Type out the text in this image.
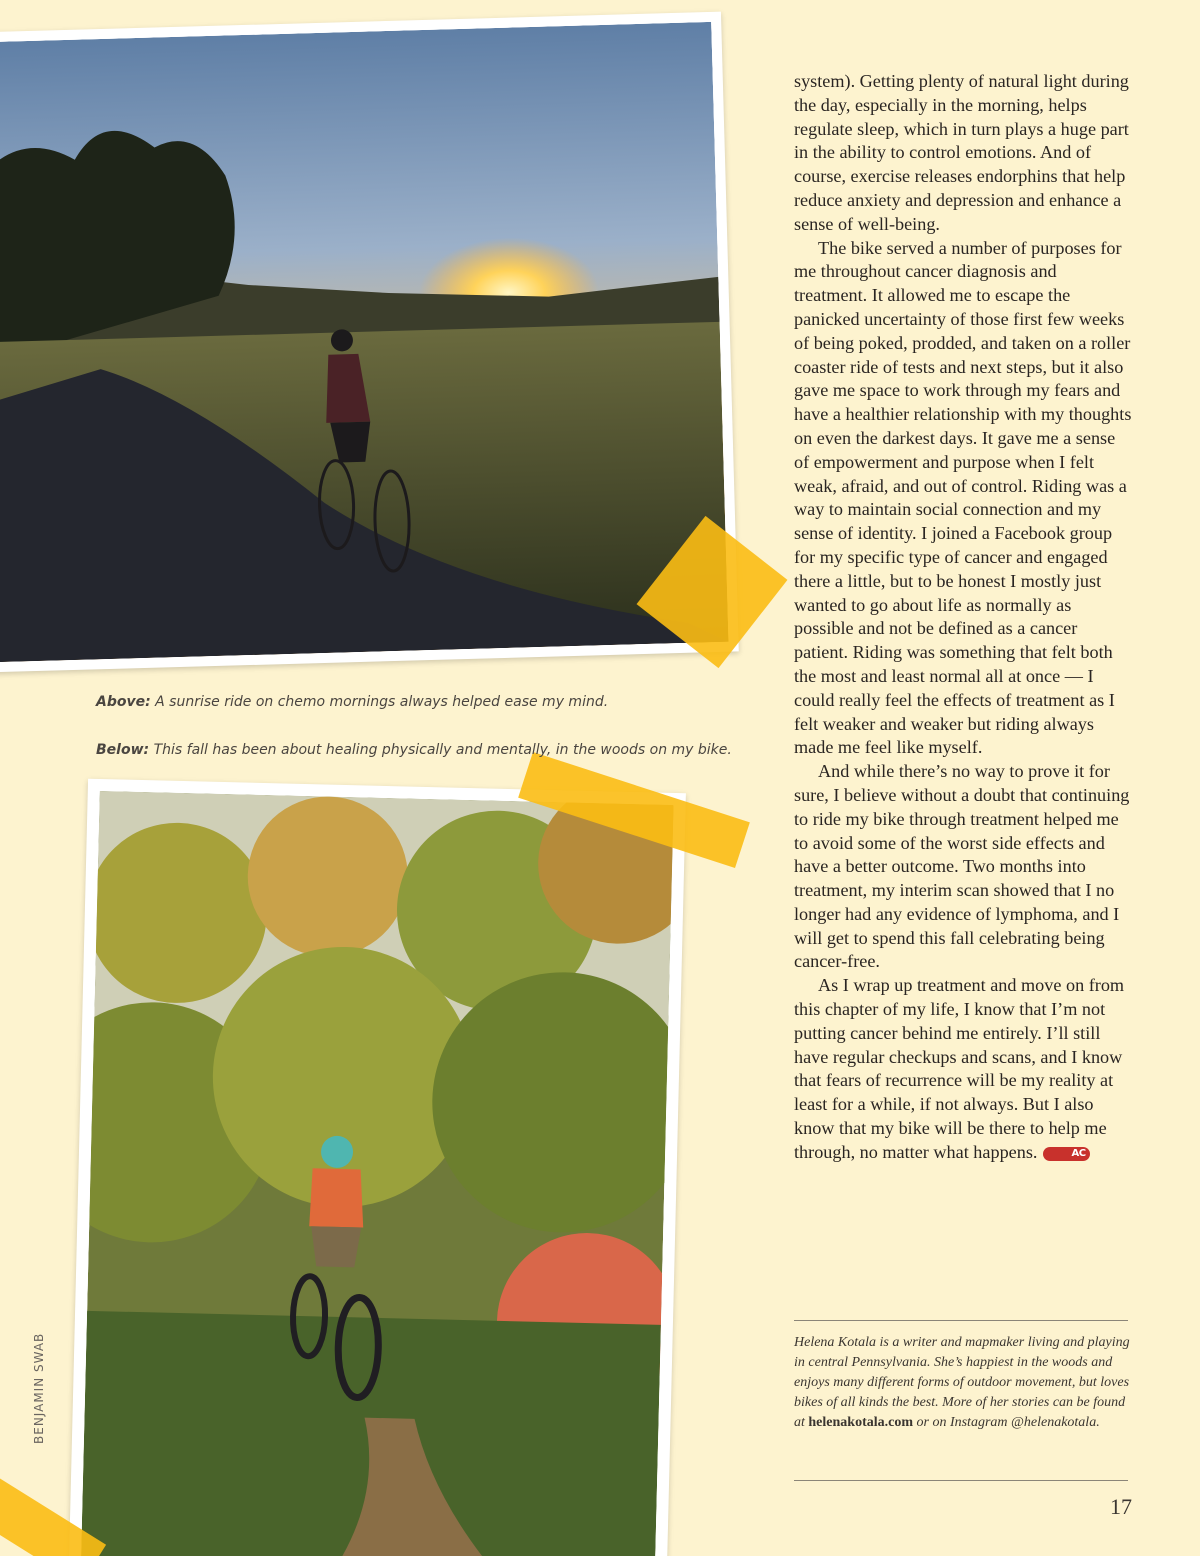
Above: A sunrise ride on chemo mornings always helped ease my mind.
Below: This fall has been about healing physically and mentally, in the woods on my bike.
BENJAMIN SWAB

system). Getting plenty of natural light during the day, especially in the morning, helps regulate sleep, which in turn plays a huge part in the ability to control emotions. And of course, exercise releases endorphins that help reduce anxiety and depression and enhance a sense of well-being.

The bike served a number of purposes for me throughout cancer diagnosis and treatment. It allowed me to escape the panicked uncertainty of those first few weeks of being poked, prodded, and taken on a roller coaster ride of tests and next steps, but it also gave me space to work through my fears and have a healthier relationship with my thoughts on even the darkest days. It gave me a sense of empowerment and purpose when I felt weak, afraid, and out of control. Riding was a way to maintain social connection and my sense of identity. I joined a Facebook group for my specific type of cancer and engaged there a little, but to be honest I mostly just wanted to go about life as normally as possible and not be defined as a cancer patient. Riding was something that felt both the most and least normal all at once — I could really feel the effects of treatment as I felt weaker and weaker but riding always made me feel like myself.

And while there’s no way to prove it for sure, I believe without a doubt that continuing to ride my bike through treatment helped me to avoid some of the worst side effects and have a better outcome. Two months into treatment, my interim scan showed that I no longer had any evidence of lymphoma, and I will get to spend this fall celebrating being cancer-free.

As I wrap up treatment and move on from this chapter of my life, I know that I’m not putting cancer behind me entirely. I’ll still have regular checkups and scans, and I know that fears of recurrence will be my reality at least for a while, if not always. But I also know that my bike will be there to help me through, no matter what happens.	AC

Helena Kotala is a writer and mapmaker living and playing in central Pennsylvania. She’s happiest in the woods and enjoys many different forms of outdoor movement, but loves bikes of all kinds the best. More of her stories can be found at helenakotala.com or on Instagram @helenakotala.
17
